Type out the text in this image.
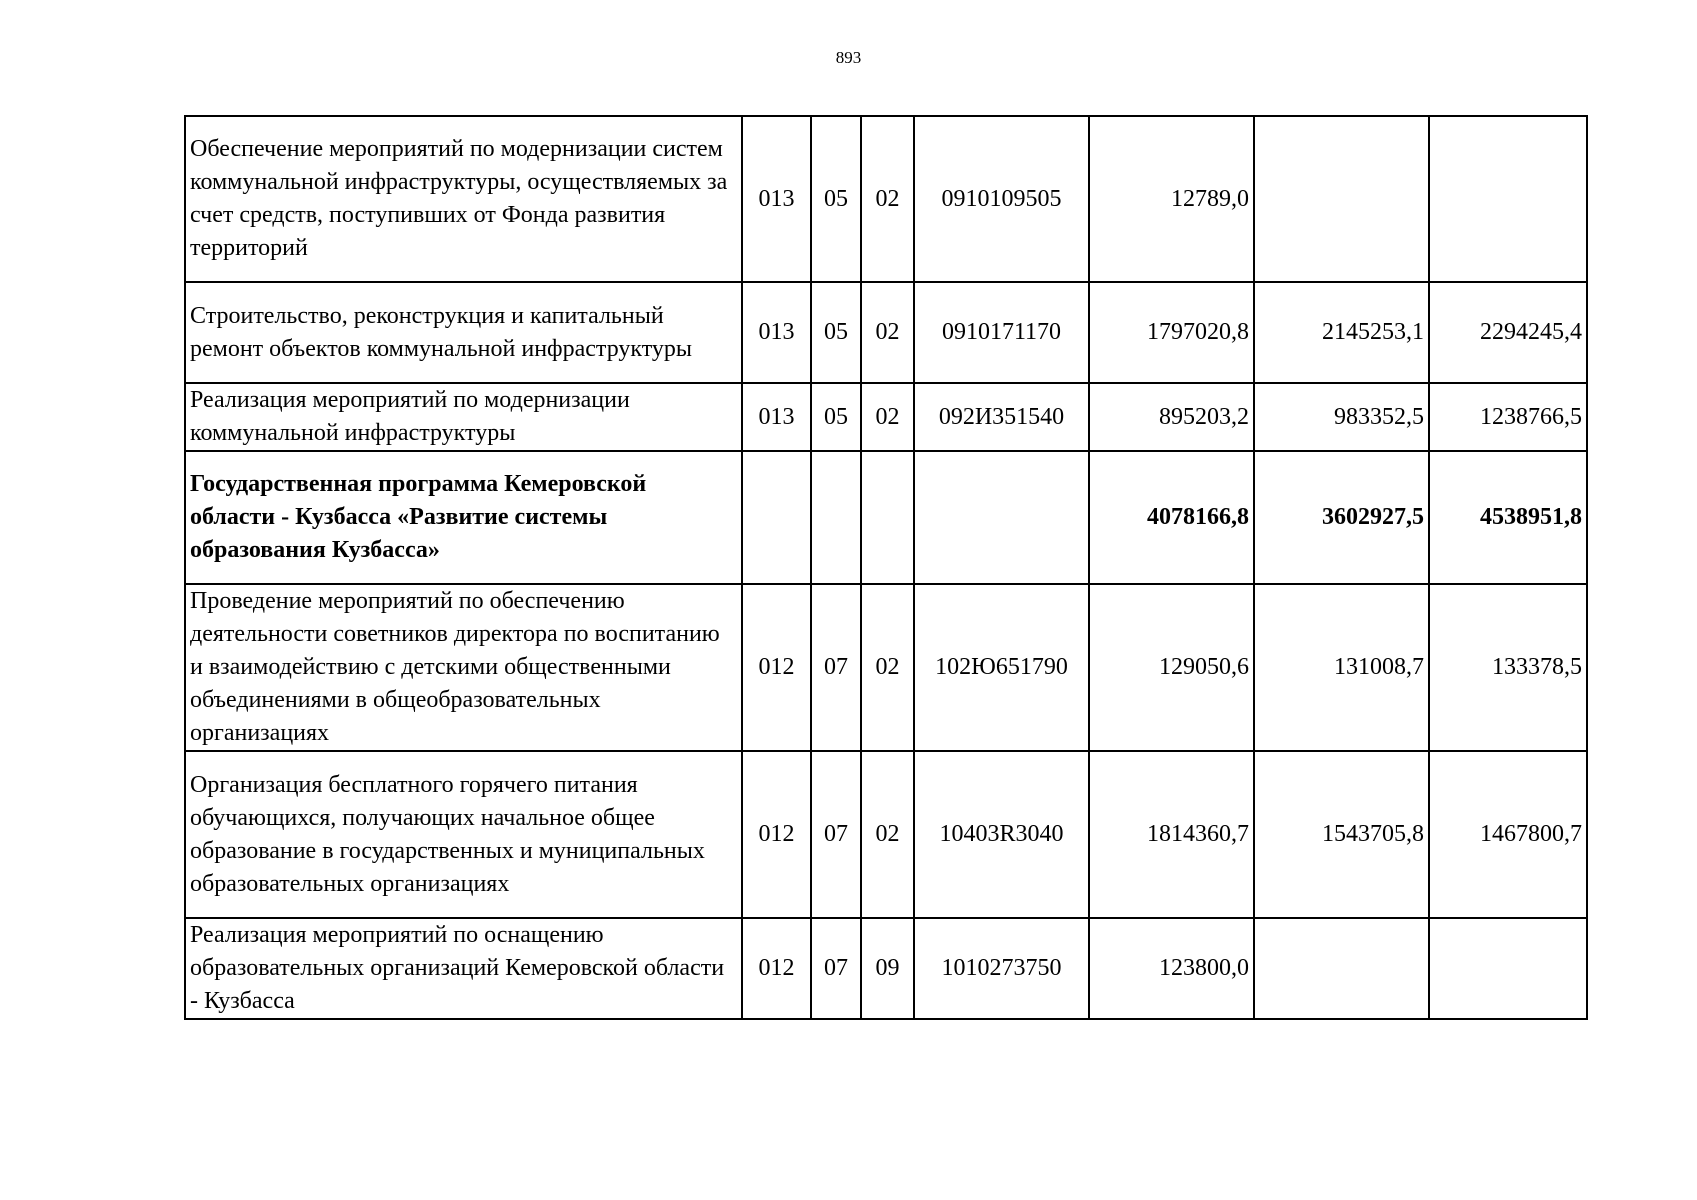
893
Обеспечение мероприятий по модернизации систем коммунальной инфраструктуры, осуществляемых за счет средств, поступивших от Фонда развития территорий	013	05	02	0910109505	12789,0		
Строительство, реконструкция и капитальный ремонт объектов коммунальной инфраструктуры	013	05	02	0910171170	1797020,8	2145253,1	2294245,4
Реализация мероприятий по модернизации коммунальной инфраструктуры	013	05	02	092И351540	895203,2	983352,5	1238766,5
Государственная программа Кемеровской области - Кузбасса «Развитие системы образования Кузбасса»					4078166,8	3602927,5	4538951,8
Проведение мероприятий по обеспечению деятельности советников директора по воспитанию и взаимодействию с детскими общественными объединениями в общеобразовательных организациях	012	07	02	102Ю651790	129050,6	131008,7	133378,5
Организация бесплатного горячего питания обучающихся, получающих начальное общее образование в государственных и муниципальных образовательных организациях	012	07	02	10403R3040	1814360,7	1543705,8	1467800,7
Реализация мероприятий по оснащению образовательных организаций Кемеровской области - Кузбасса	012	07	09	1010273750	123800,0		
